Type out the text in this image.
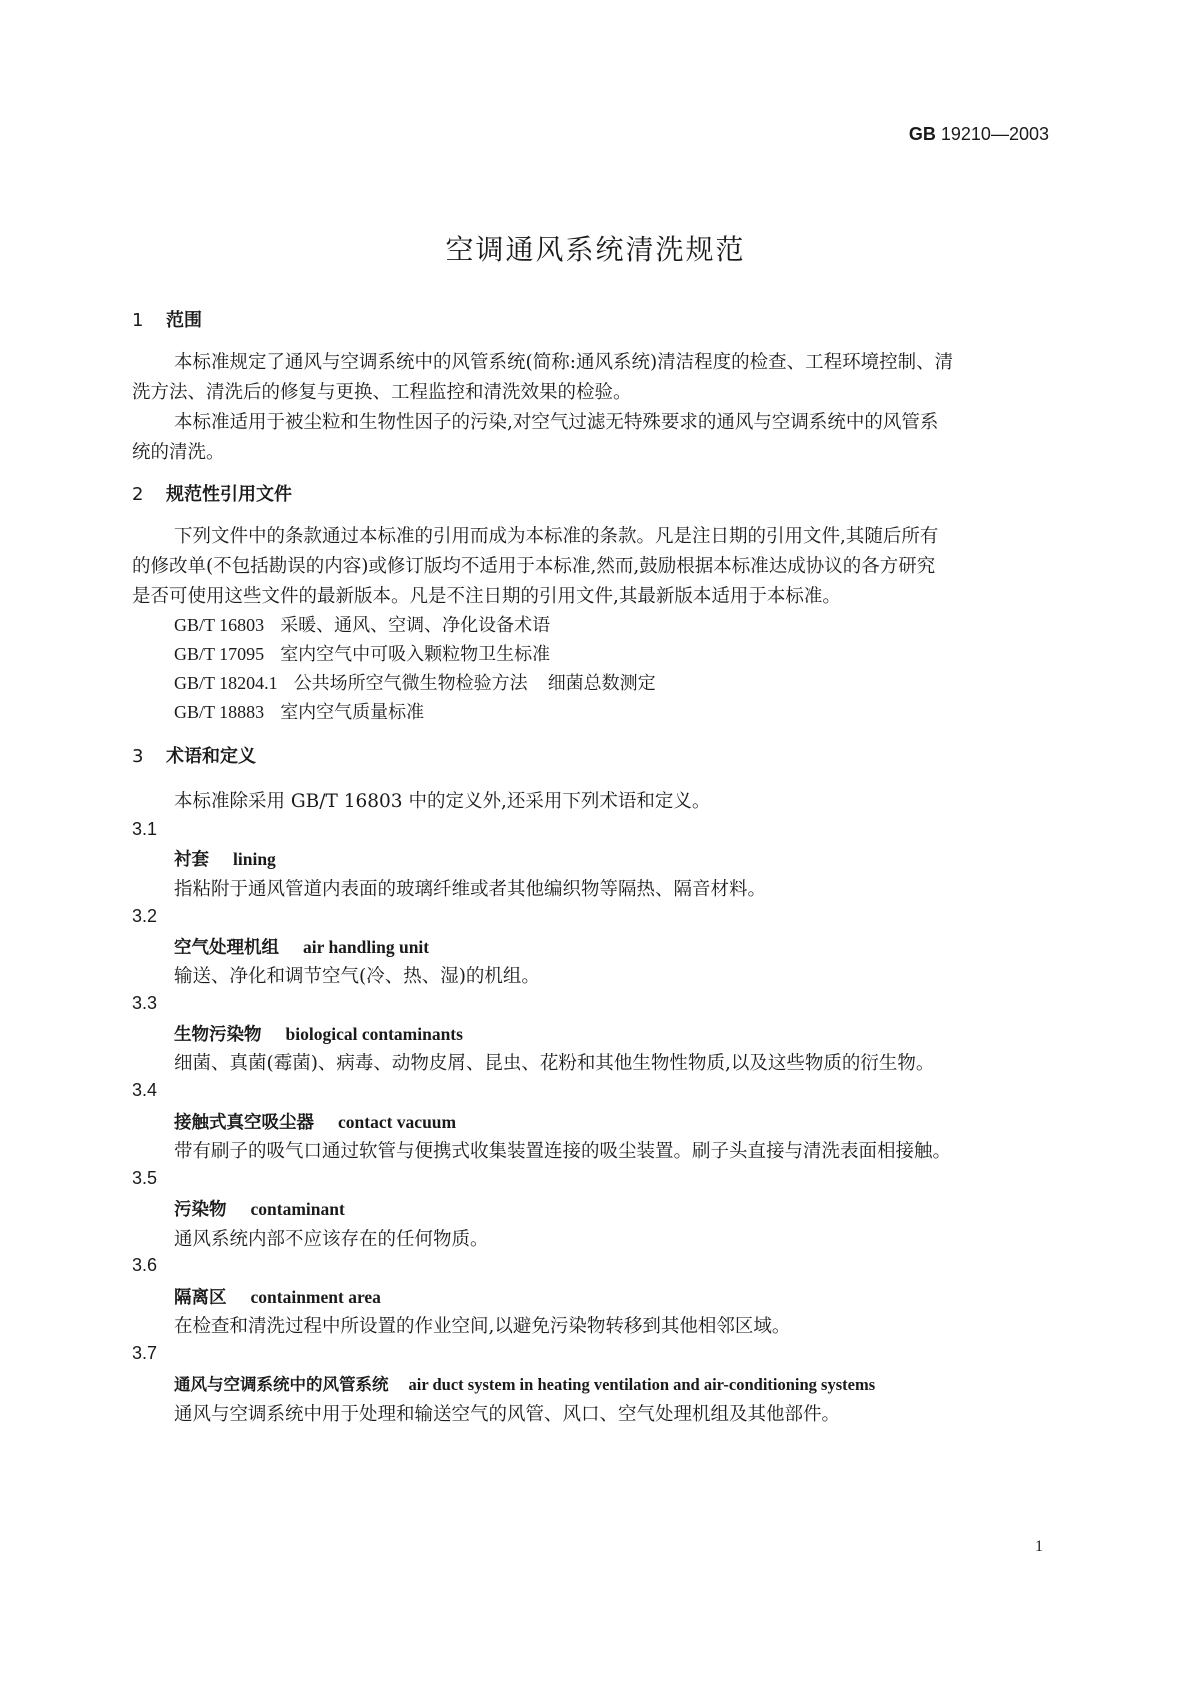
GB 19210—2003
空调通风系统清洗规范
1 范围
本标准规定了通风与空调系统中的风管系统(简称:通风系统)清洁程度的检查、工程环境控制、清
洗方法、清洗后的修复与更换、工程监控和清洗效果的检验。
本标准适用于被尘粒和生物性因子的污染,对空气过滤无特殊要求的通风与空调系统中的风管系
统的清洗。
2 规范性引用文件
下列文件中的条款通过本标准的引用而成为本标准的条款。凡是注日期的引用文件,其随后所有
的修改单(不包括勘误的内容)或修订版均不适用于本标准,然而,鼓励根据本标准达成协议的各方研究
是否可使用这些文件的最新版本。凡是不注日期的引用文件,其最新版本适用于本标准。
GB/T 16803 采暖、通风、空调、净化设备术语
GB/T 17095 室内空气中可吸入颗粒物卫生标准
GB/T 18204.1 公共场所空气微生物检验方法 细菌总数测定
GB/T 18883 室内空气质量标准
3 术语和定义
本标准除采用 GB/T 16803 中的定义外,还采用下列术语和定义。
3.1
衬套 lining
指粘附于通风管道内表面的玻璃纤维或者其他编织物等隔热、隔音材料。
3.2
空气处理机组 air handling unit
输送、净化和调节空气(冷、热、湿)的机组。
3.3
生物污染物 biological contaminants
细菌、真菌(霉菌)、病毒、动物皮屑、昆虫、花粉和其他生物性物质,以及这些物质的衍生物。
3.4
接触式真空吸尘器 contact vacuum
带有刷子的吸气口通过软管与便携式收集装置连接的吸尘装置。刷子头直接与清洗表面相接触。
3.5
污染物 contaminant
通风系统内部不应该存在的任何物质。
3.6
隔离区 containment area
在检查和清洗过程中所设置的作业空间,以避免污染物转移到其他相邻区域。
3.7
通风与空调系统中的风管系统 air duct system in heating ventilation and air-conditioning systems
通风与空调系统中用于处理和输送空气的风管、风口、空气处理机组及其他部件。
1
